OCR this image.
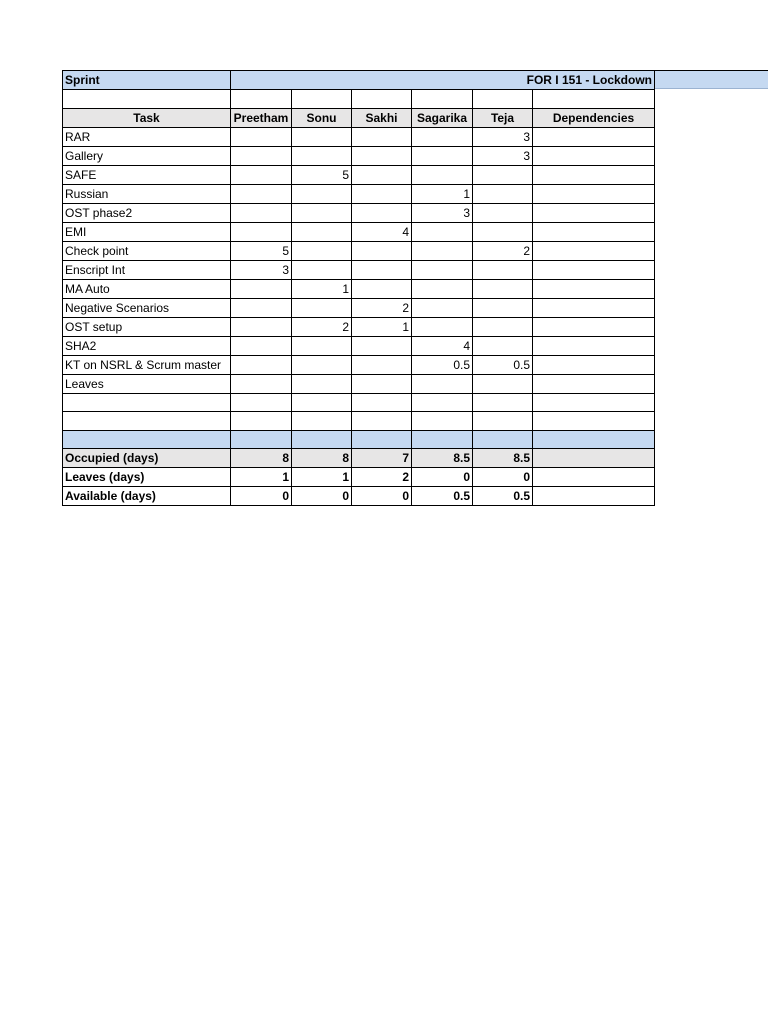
Sprint	FOR I 151 - Lockdown					

Task	Preetham	Sonu	Sakhi	Sagarika	Teja	Dependencies
RAR					3	
Gallery					3	
SAFE		5				
Russian				1		
OST phase2				3		
EMI			4			
Check point	5				2	
Enscript Int	3					
MA Auto		1				
Negative Scenarios			2			
OST setup		2	1			
SHA2				4		
KT on NSRL & Scrum master				0.5	0.5	
Leaves						

Occupied (days)	8	8	7	8.5	8.5	
Leaves (days)	1	1	2	0	0	
Available (days)	0	0	0	0.5	0.5	
